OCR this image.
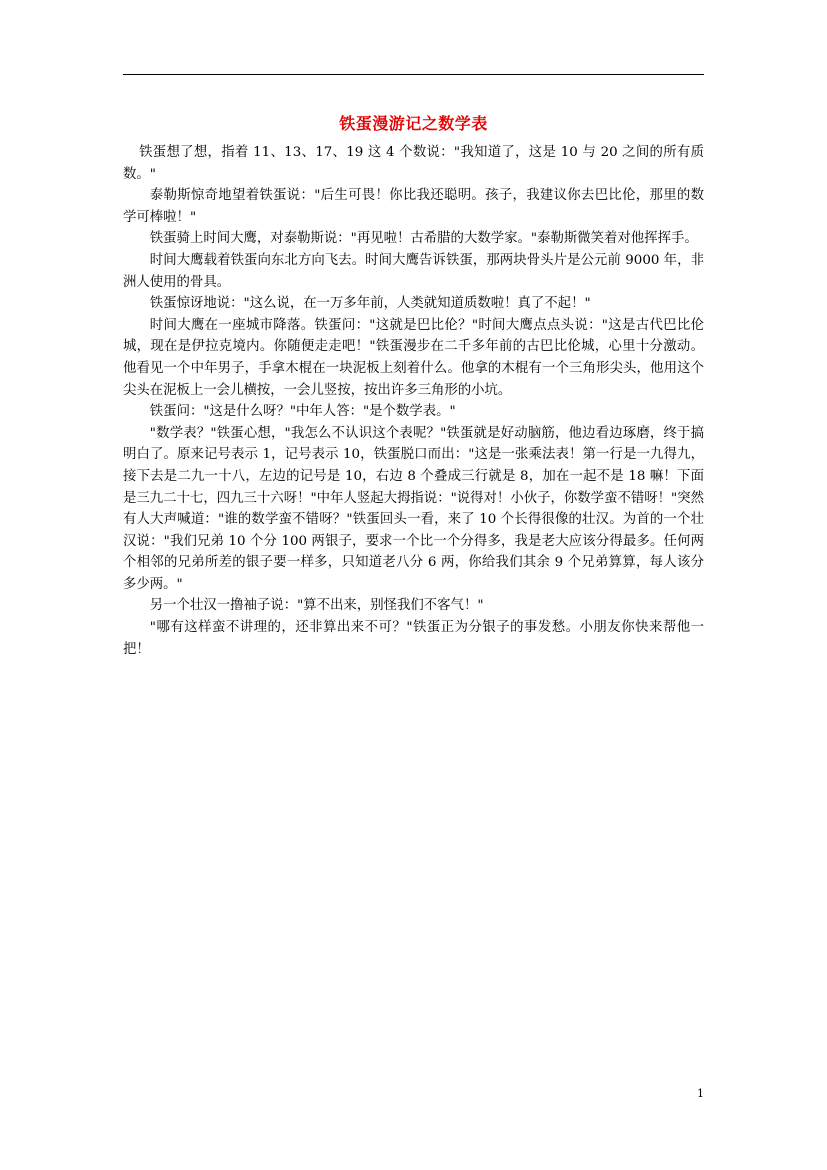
铁蛋漫游记之数学表

铁蛋想了想，指着 11、13、17、19 这 4 个数说："我知道了，这是 10 与 20 之间的所有质数。"

泰勒斯惊奇地望着铁蛋说："后生可畏！你比我还聪明。孩子，我建议你去巴比伦，那里的数学可棒啦！"

铁蛋骑上时间大鹰，对泰勒斯说："再见啦！古希腊的大数学家。"泰勒斯微笑着对他挥挥手。

时间大鹰载着铁蛋向东北方向飞去。时间大鹰告诉铁蛋，那两块骨头片是公元前 9000 年，非洲人使用的骨具。

铁蛋惊讶地说："这么说，在一万多年前，人类就知道质数啦！真了不起！"

时间大鹰在一座城市降落。铁蛋问："这就是巴比伦？"时间大鹰点点头说："这是古代巴比伦城，现在是伊拉克境内。你随便走走吧！"铁蛋漫步在二千多年前的古巴比伦城，心里十分激动。他看见一个中年男子，手拿木棍在一块泥板上刻着什么。他拿的木棍有一个三角形尖头，他用这个尖头在泥板上一会儿横按，一会儿竖按，按出许多三角形的小坑。

铁蛋问："这是什么呀？"中年人答："是个数学表。"

"数学表？"铁蛋心想，"我怎么不认识这个表呢？"铁蛋就是好动脑筋，他边看边琢磨，终于搞明白了。原来记号表示 1，记号表示 10，铁蛋脱口而出："这是一张乘法表！第一行是一九得九，接下去是二九一十八，左边的记号是 10，右边 8 个叠成三行就是 8，加在一起不是 18 嘛！下面是三九二十七，四九三十六呀！"中年人竖起大拇指说："说得对！小伙子，你数学蛮不错呀！"突然有人大声喊道："谁的数学蛮不错呀？"铁蛋回头一看，来了 10 个长得很像的壮汉。为首的一个壮汉说："我们兄弟 10 个分 100 两银子，要求一个比一个分得多，我是老大应该分得最多。任何两个相邻的兄弟所差的银子要一样多，只知道老八分 6 两，你给我们其余 9 个兄弟算算，每人该分多少两。"

另一个壮汉一撸袖子说："算不出来，别怪我们不客气！"

"哪有这样蛮不讲理的，还非算出来不可？"铁蛋正为分银子的事发愁。小朋友你快来帮他一把！

1
